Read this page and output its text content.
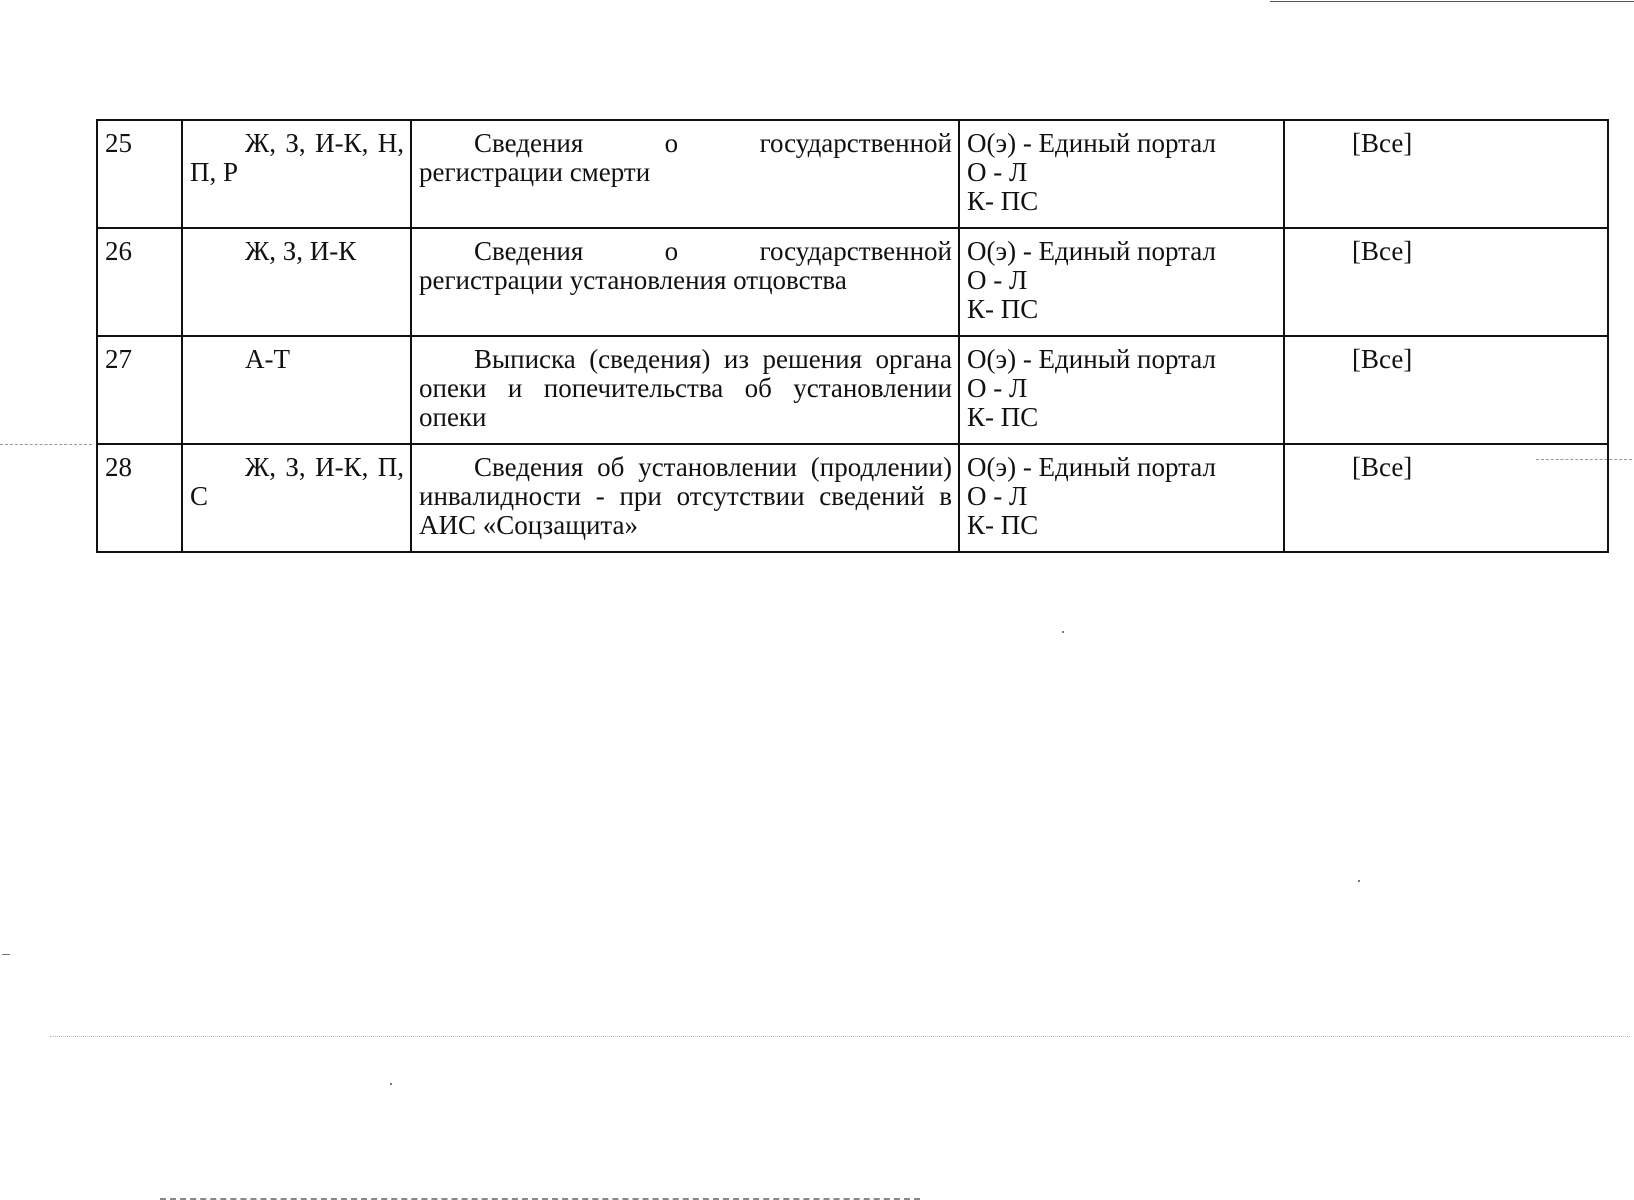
25	Ж, З, И-К, Н, П, Р	Сведения о государственной регистрации смерти	О(э) - Единый портал
О - Л
К- ПС	[Все]

26	Ж, З, И-К	Сведения о государственной регистрации установления отцовства	О(э) - Единый портал
О - Л
К- ПС	[Все]

27	А-Т	Выписка (сведения) из решения органа опеки и попечительства об установлении опеки	О(э) - Единый портал
О - Л
К- ПС	[Все]

28	Ж, З, И-К, П, С	Сведения об установлении (продлении) инвалидности - при отсутствии сведений в АИС «Соцзащита»	О(э) - Единый портал
О - Л
К- ПС	[Все]
